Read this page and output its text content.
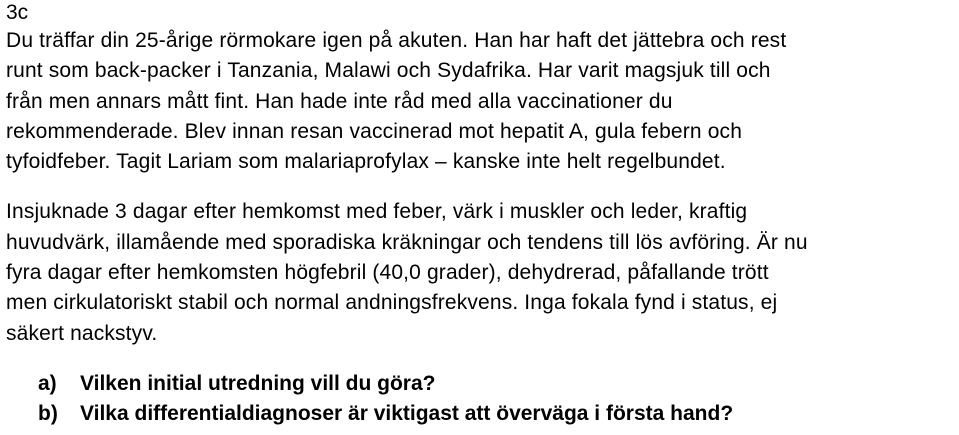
3c
Du träffar din 25-årige rörmokare igen på akuten. Han har haft det jättebra och rest
runt som back-packer i Tanzania, Malawi och Sydafrika. Har varit magsjuk till och
från men annars mått fint. Han hade inte råd med alla vaccinationer du
rekommenderade. Blev innan resan vaccinerad mot hepatit A, gula febern och
tyfoidfeber. Tagit Lariam som malariaprofylax – kanske inte helt regelbundet.
Insjuknade 3 dagar efter hemkomst med feber, värk i muskler och leder, kraftig
huvudvärk, illamående med sporadiska kräkningar och tendens till lös avföring. Är nu
fyra dagar efter hemkomsten högfebril (40,0 grader), dehydrerad, påfallande trött
men cirkulatoriskt stabil och normal andningsfrekvens. Inga fokala fynd i status, ej
säkert nackstyv.
a) Vilken initial utredning vill du göra?
b) Vilka differentialdiagnoser är viktigast att överväga i första hand?
